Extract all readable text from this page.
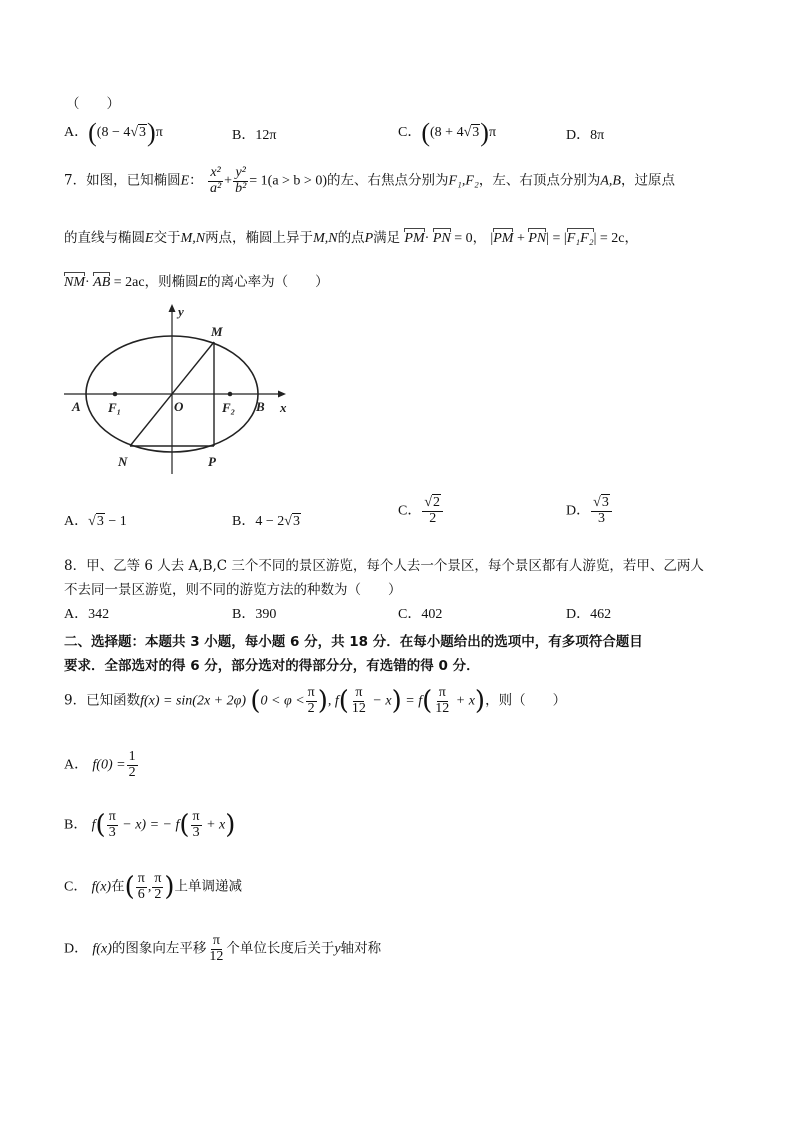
（　　）
A．((8 − 4√3)π	B．12π	C．((8 + 4√3)π	D．8π
7．如图，已知椭圆E： $\frac{\text{x²}}{\text{a²}} + \frac{\text{y²}}{\text{b²}} = 1(a > b > 0)$的左、右焦点分别为F₁,F₂，左、右顶点分别为A,B，过原点
的直线与椭圆E交于M,N两点，椭圆上异于M,N的点P满足 PM· PN = 0， |PM + PN| = |F₁F₂| = 2c，
NM· AB = 2ac，则椭圆E的离心率为（　　）
y
x
M
N	P
O
A	B
F₁	F₂
A．√3 − 1	B．4 − 2√3
C． $\frac{√2}{2}$	D． $\frac{√3}{3}$
8．甲、乙等 6 人去 A,B,C 三个不同的景区游览，每个人去一个景区，每个景区都有人游览，若甲、乙两人
不去同一景区游览，则不同的游览方法的种数为（　　）
A．342	B．390	C．402	D．462
二、选择题：本题共 3 小题，每小题 6 分，共 18 分．在每小题给出的选项中，有多项符合题目
要求．全部选对的得 6 分，部分选对的得部分分，有选错的得 0 分．
9．已知函数f(x) = sin(2x + 2φ) ($0 < \varphi < \frac{\pi}{2}$ ), $f( \frac{\pi}{12} - x) = f( \frac{\pi}{12} + x)$，则（　　）
A． $f(0) = \frac{1}{2}$
B． $f( \frac{\pi}{3} - x)$ = − $f( \frac{\pi}{3} + x)$
C． f(x)在( $\frac{\pi}{6}$ , $\frac{\pi}{2}$ )上单调递减
D． f(x)的图象向左平移 $\frac{\pi}{12}$ 个单位长度后关于y轴对称
